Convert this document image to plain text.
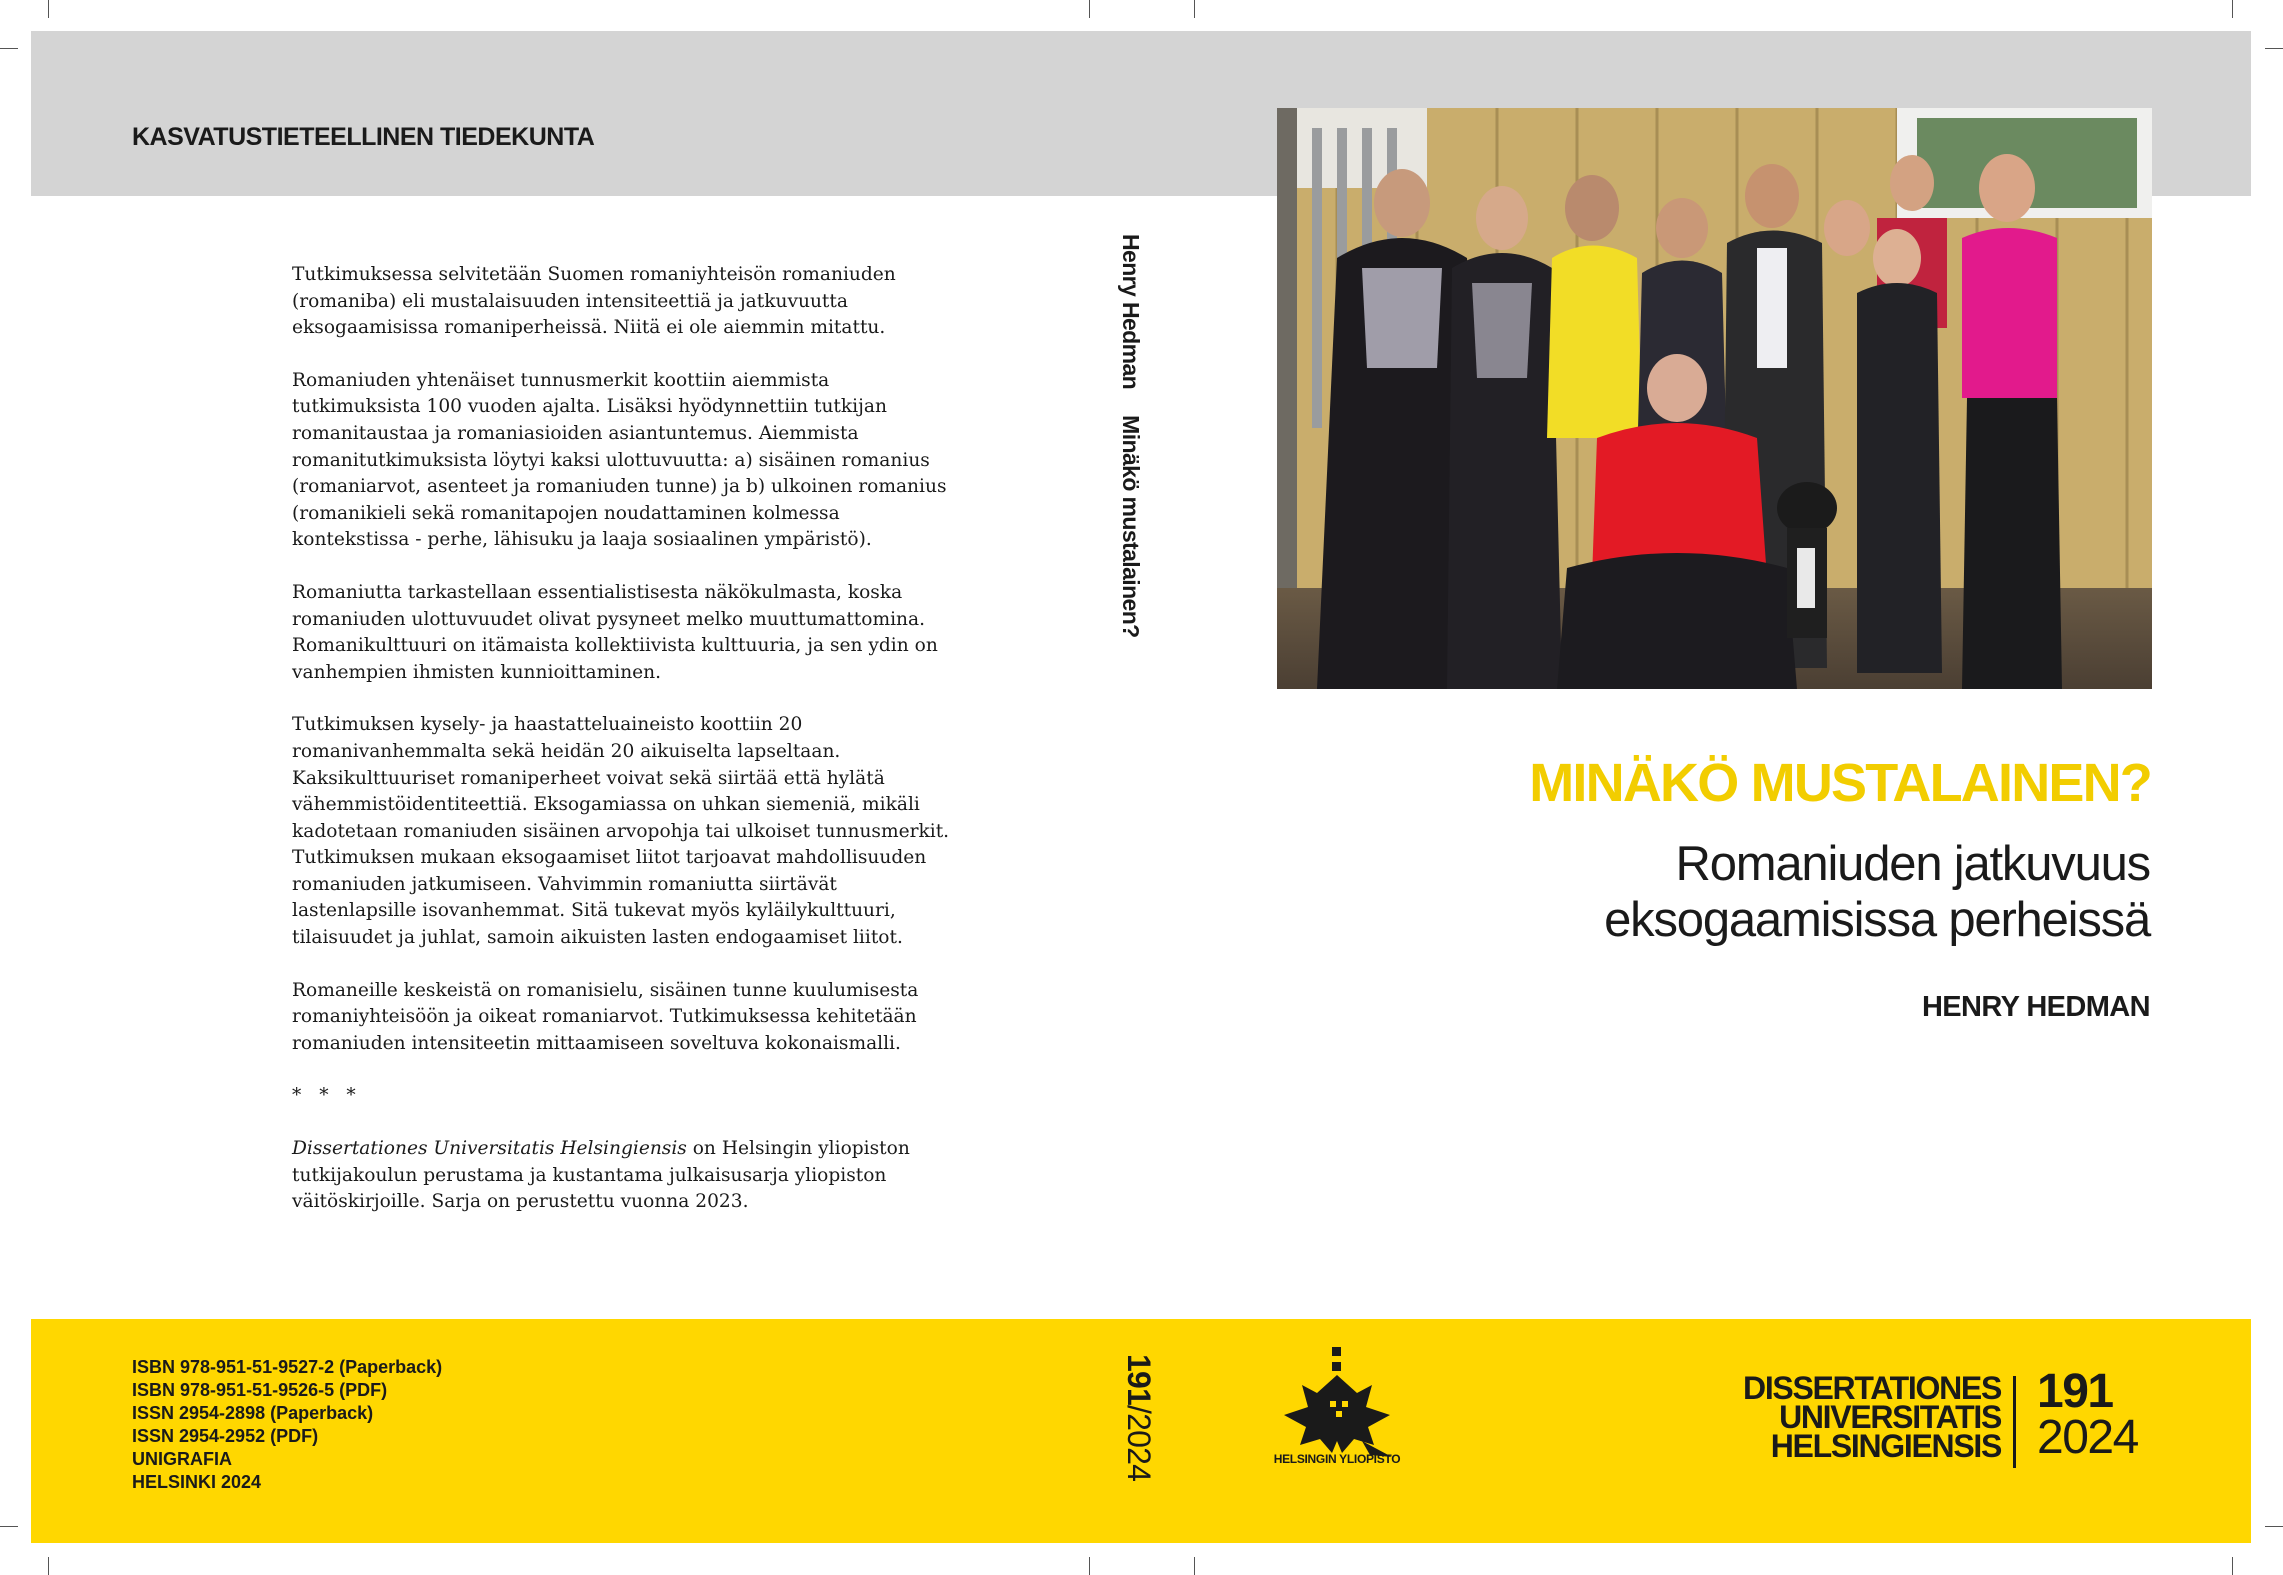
KASVATUSTIETEELLINEN TIEDEKUNTA

Tutkimuksessa selvitetään Suomen romaniyhteisön romaniuden (romaniba) eli mustalaisuuden intensiteettiä ja jatkuvuutta eksogaamisissa romaniperheissä. Niitä ei ole aiemmin mitattu.

Romaniuden yhtenäiset tunnusmerkit koottiin aiemmista tutkimuksista 100 vuoden ajalta. Lisäksi hyödynnettiin tutkijan romanitaustaa ja romaniasioiden asiantuntemus. Aiemmista romanitutkimuksista löytyi kaksi ulottuvuutta: a) sisäinen romanius (romaniarvot, asenteet ja romaniuden tunne) ja b) ulkoinen romanius (romanikieli sekä romanitapojen noudattaminen kolmessa kontekstissa - perhe, lähisuku ja laaja sosiaalinen ympäristö).

Romaniutta tarkastellaan essentialistisesta näkökulmasta, koska romaniuden ulottuvuudet olivat pysyneet melko muuttumattomina. Romanikulttuuri on itämaista kollektiivista kulttuuria, ja sen ydin on vanhempien ihmisten kunnioittaminen.

Tutkimuksen kysely- ja haastatteluaineisto koottiin 20 romanivanhemmalta sekä heidän 20 aikuiselta lapseltaan. Kaksikulttuuriset romaniperheet voivat sekä siirtää että hylätä vähemmistöidentiteettiä. Eksogamiassa on uhkan siemeniä, mikäli kadotetaan romaniuden sisäinen arvopohja tai ulkoiset tunnusmerkit. Tutkimuksen mukaan eksogaamiset liitot tarjoavat mahdollisuuden romaniuden jatkumiseen. Vahvimmin romaniutta siirtävät lastenlapsille isovanhemmat. Sitä tukevat myös kyläilykulttuuri, tilaisuudet ja juhlat, samoin aikuisten lasten endogaamiset liitot.

Romaneille keskeistä on romanisielu, sisäinen tunne kuulumisesta romaniyhteisöön ja oikeat romaniarvot. Tutkimuksessa kehitetään romaniuden intensiteetin mittaamiseen soveltuva kokonaismalli.

* * *

Dissertationes Universitatis Helsingiensis on Helsingin yliopiston tutkijakoulun perustama ja kustantama julkaisusarja yliopiston väitöskirjoille. Sarja on perustettu vuonna 2023.

Henry HedmanMinäkö mustalainen?
MINÄKÖ MUSTALAINEN?
Romaniuden jatkuvuus
eksogaamisissa perheissä
HENRY HEDMAN
ISBN 978-951-51-9527-2 (Paperback)
ISBN 978-951-51-9526-5 (PDF)
ISSN 2954-2898 (Paperback)
ISSN 2954-2952 (PDF)
UNIGRAFIA
HELSINKI 2024
191/2024	HELSINGIN YLIOPISTO
DISSERTATIONES
UNIVERSITATIS
HELSINGIENSIS
191
2024
